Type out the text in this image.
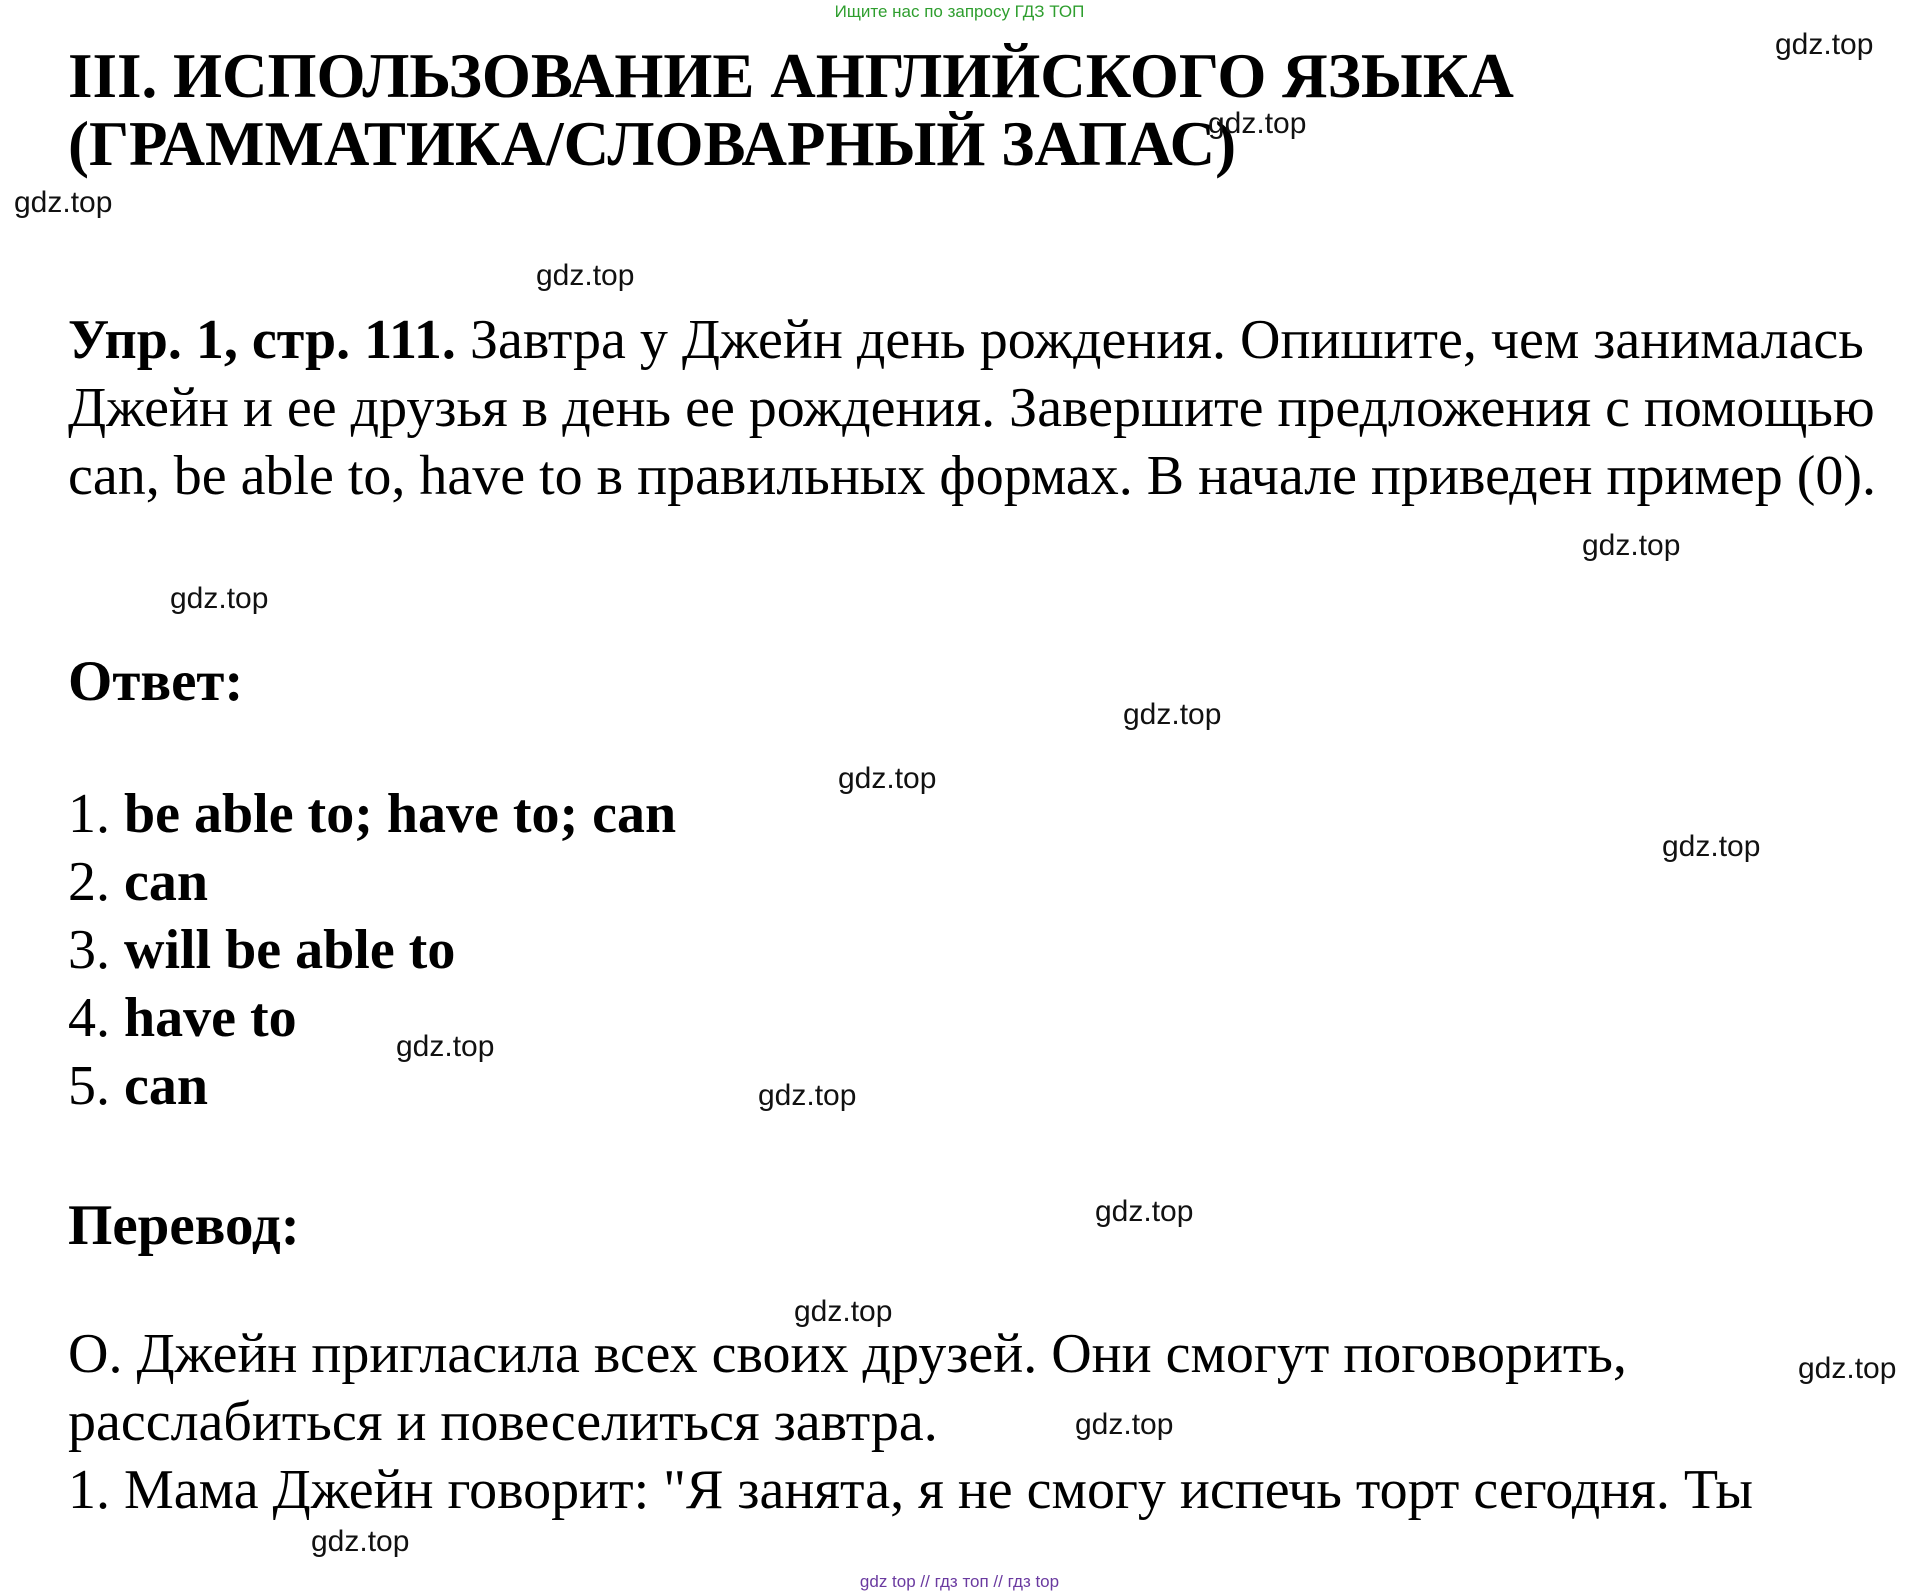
Ищите нас по запросу ГДЗ ТОП
III. ИСПОЛЬЗОВАНИЕ АНГЛИЙСКОГО ЯЗЫКА
(ГРАММАТИКА/СЛОВАРНЫЙ ЗАПАС)

Упр. 1, стр. 111. Завтра у Джейн день рождения. Опишите, чем занималась Джейн и ее друзья в день ее рождения. Завершите предложения с помощью can, be able to, have to в правильных формах. В начале приведен пример (0).

Ответ:
1. be able to; have to; can
2. can
3. will be able to
4. have to
5. can
Перевод:

О. Джейн пригласила всех своих друзей. Они смогут поговорить, расслабиться и повеселиться завтра.

1. Мама Джейн говорит: "Я занята, я не смогу испечь торт сегодня. Ты

gdz.top
gdz.top
gdz.top
gdz.top
gdz.top
gdz.top
gdz.top
gdz.top
gdz.top
gdz.top
gdz.top
gdz.top
gdz.top
gdz.top
gdz.top
gdz.top
gdz top // гдз топ // гдз top
